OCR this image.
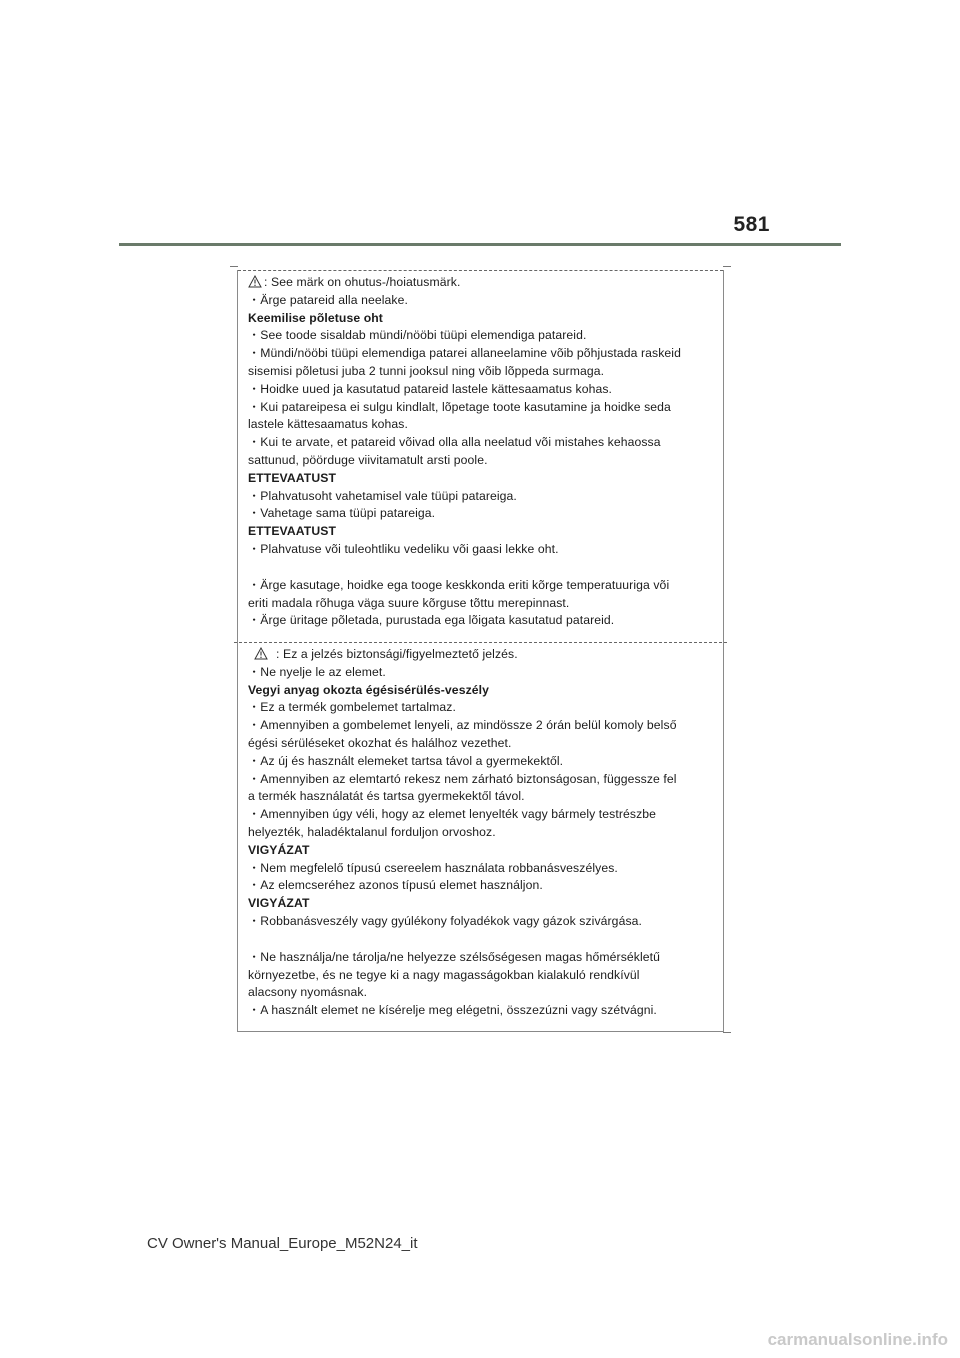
581
: See märk on ohutus-/hoiatusmärk.
・Ärge patareid alla neelake.
Keemilise põletuse oht
・See toode sisaldab mündi/nööbi tüüpi elemendiga patareid.
・Mündi/nööbi tüüpi elemendiga patarei allaneelamine võib põhjustada raskeid
sisemisi põletusi juba 2 tunni jooksul ning võib lõppeda surmaga.
・Hoidke uued ja kasutatud patareid lastele kättesaamatus kohas.
・Kui patareipesa ei sulgu kindlalt, lõpetage toote kasutamine ja hoidke seda
lastele kättesaamatus kohas.
・Kui te arvate, et patareid võivad olla alla neelatud või mistahes kehaossa
sattunud, pöörduge viivitamatult arsti poole.
ETTEVAATUST
・Plahvatusoht vahetamisel vale tüüpi patareiga.
・Vahetage sama tüüpi patareiga.
ETTEVAATUST
・Plahvatuse või tuleohtliku vedeliku või gaasi lekke oht.
・Ärge kasutage, hoidke ega tooge keskkonda eriti kõrge temperatuuriga või
eriti madala rõhuga väga suure kõrguse tõttu merepinnast.
・Ärge üritage põletada, purustada ega lõigata kasutatud patareid.
: Ez a jelzés biztonsági/figyelmeztető jelzés.
・Ne nyelje le az elemet.
Vegyi anyag okozta égésisérülés-veszély
・Ez a termék gombelemet tartalmaz.
・Amennyiben a gombelemet lenyeli, az mindössze 2 órán belül komoly belső
égési sérüléseket okozhat és halálhoz vezethet.
・Az új és használt elemeket tartsa távol a gyermekektől.
・Amennyiben az elemtartó rekesz nem zárható biztonságosan, függessze fel
a termék használatát és tartsa gyermekektől távol.
・Amennyiben úgy véli, hogy az elemet lenyelték vagy bármely testrészbe
helyezték, haladéktalanul forduljon orvoshoz.
VIGYÁZAT
・Nem megfelelő típusú csereelem használata robbanásveszélyes.
・Az elemcseréhez azonos típusú elemet használjon.
VIGYÁZAT
・Robbanásveszély vagy gyúlékony folyadékok vagy gázok szivárgása.
・Ne használja/ne tárolja/ne helyezze szélsőségesen magas hőmérsékletű
környezetbe, és ne tegye ki a nagy magasságokban kialakuló rendkívül
alacsony nyomásnak.
・A használt elemet ne kísérelje meg elégetni, összezúzni vagy szétvágni.
CV Owner's Manual_Europe_M52N24_it
carmanualsonline.info
